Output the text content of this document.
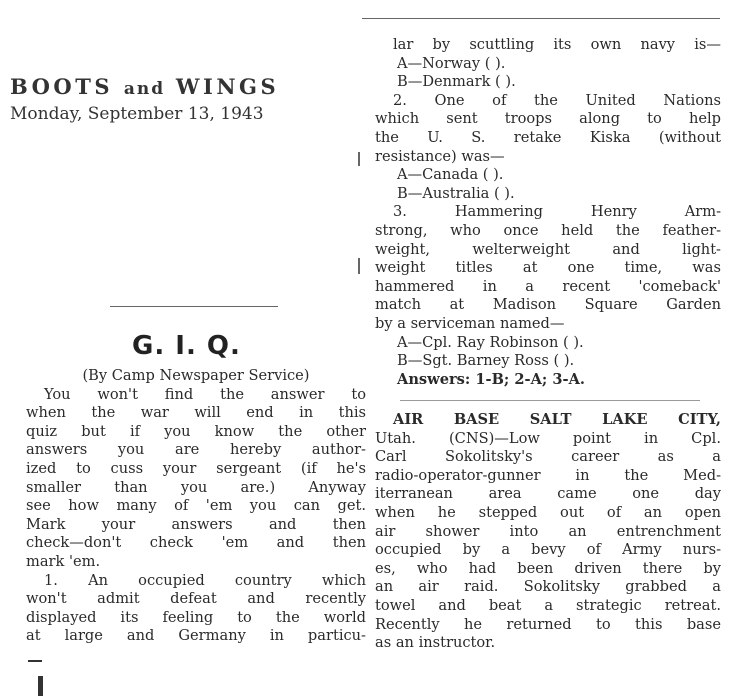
BOOTS and WINGS
Monday, September 13, 1943
G. I. Q.
(By Camp Newspaper Service)
You won't find the answer to
when the war will end in this
quiz but if you know the other
answers you are hereby author-
ized to cuss your sergeant (if he's
smaller than you are.) Anyway
see how many of 'em you can get.
Mark your answers and then
check—don't check 'em and then
mark 'em.
1. An occupied country which
won't admit defeat and recently
displayed its feeling to the world
at large and Germany in particu-
lar by scuttling its own navy is—
A—Norway ( ).
B—Denmark ( ).
2. One of the United Nations
which sent troops along to help
the U. S. retake Kiska (without
resistance) was—
A—Canada ( ).
B—Australia ( ).
3. Hammering Henry Arm-
strong, who once held the feather-
weight, welterweight and light-
weight titles at one time, was
hammered in a recent 'comeback'
match at Madison Square Garden
by a serviceman named—
A—Cpl. Ray Robinson ( ).
B—Sgt. Barney Ross ( ).
Answers: 1-B; 2-A; 3-A.
AIR BASE SALT LAKE CITY,
Utah. (CNS)—Low point in Cpl.
Carl Sokolitsky's career as a
radio-operator-gunner in the Med-
iterranean area came one day
when he stepped out of an open
air shower into an entrenchment
occupied by a bevy of Army nurs-
es, who had been driven there by
an air raid. Sokolitsky grabbed a
towel and beat a strategic retreat.
Recently he returned to this base
as an instructor.
